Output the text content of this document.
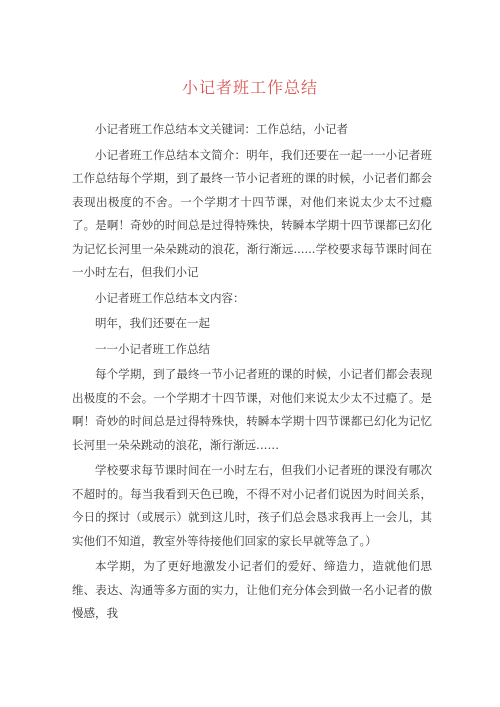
小记者班工作总结

小记者班工作总结本文关键词：工作总结，小记者

小记者班工作总结本文简介：明年，我们还要在一起一一小记者班工作总结每个学期，到了最终一节小记者班的课的时候，小记者们都会表现出极度的不舍。一个学期才十四节课，对他们来说太少太不过瘾了。是啊！奇妙的时间总是过得特殊快，转瞬本学期十四节课都已幻化为记忆长河里一朵朵跳动的浪花，渐行渐远......学校要求每节课时间在一小时左右，但我们小记

小记者班工作总结本文内容：

明年，我们还要在一起

一一小记者班工作总结

每个学期，到了最终一节小记者班的课的时候，小记者们都会表现出极度的不会。一个学期才十四节课，对他们来说太少太不过瘾了。是啊！奇妙的时间总是过得特殊快，转瞬本学期十四节课都已幻化为记忆长河里一朵朵跳动的浪花，渐行渐远……

学校要求每节课时间在一小时左右，但我们小记者班的课没有哪次不超时的。每当我看到天色已晚，不得不对小记者们说因为时间关系，今日的探讨（或展示）就到这儿时，孩子们总会恳求我再上一会儿，其实他们不知道，教室外等待接他们回家的家长早就等急了。）

本学期，为了更好地激发小记者们的爱好、缔造力，造就他们思维、表达、沟通等多方面的实力，让他们充分体会到做一名小记者的傲慢感，我
